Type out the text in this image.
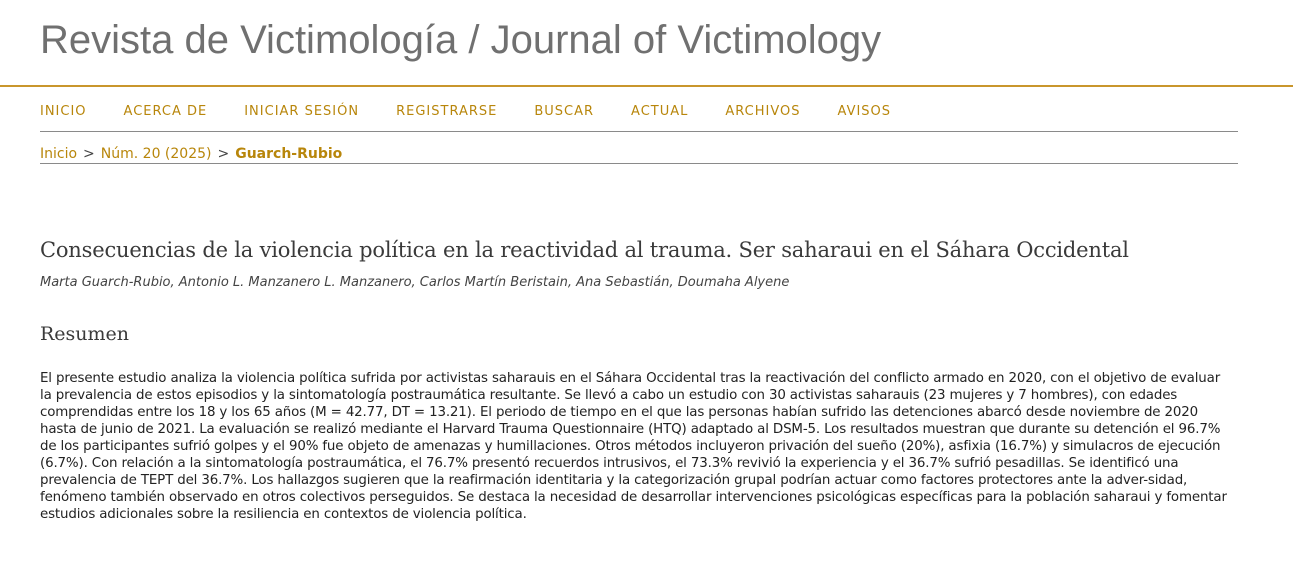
Revista de Victimología / Journal of Victimology
INICIO	ACERCA DE	INICIAR SESIÓN	REGISTRARSE	BUSCAR	ACTUAL	ARCHIVOS	AVISOS
Inicio > Núm. 20 (2025) > Guarch-Rubio
Consecuencias de la violencia política en la reactividad al trauma. Ser saharaui en el Sáhara Occidental

Marta Guarch-Rubio, Antonio L. Manzanero L. Manzanero, Carlos Martín Beristain, Ana Sebastián, Doumaha Alyene

Resumen

El presente estudio analiza la violencia política sufrida por activistas saharauis en el Sáhara Occidental tras la reactivación del conflicto armado en 2020, con el objetivo de evaluar la prevalencia de estos episodios y la sintomatología postraumática resultante. Se llevó a cabo un estudio con 30 activistas saharauis (23 mujeres y 7 hombres), con edades comprendidas entre los 18 y los 65 años (M = 42.77, DT = 13.21). El periodo de tiempo en el que las personas habían sufrido las detenciones abarcó desde noviembre de 2020 hasta de junio de 2021. La evaluación se realizó mediante el Harvard Trauma Questionnaire (HTQ) adaptado al DSM-5. Los resultados muestran que durante su detención el 96.7% de los participantes sufrió golpes y el 90% fue objeto de amenazas y humillaciones. Otros métodos incluyeron privación del sueño (20%), asfixia (16.7%) y simulacros de ejecución (6.7%). Con relación a la sintomatología postraumática, el 76.7% presentó recuerdos intrusivos, el 73.3% revivió la experiencia y el 36.7% sufrió pesadillas. Se identificó una prevalencia de TEPT del 36.7%. Los hallazgos sugieren que la reafirmación identitaria y la categorización grupal podrían actuar como factores protectores ante la adver-sidad, fenómeno también observado en otros colectivos perseguidos. Se destaca la necesidad de desarrollar intervenciones psicológicas específicas para la población saharaui y fomentar estudios adicionales sobre la resiliencia en contextos de violencia política.
